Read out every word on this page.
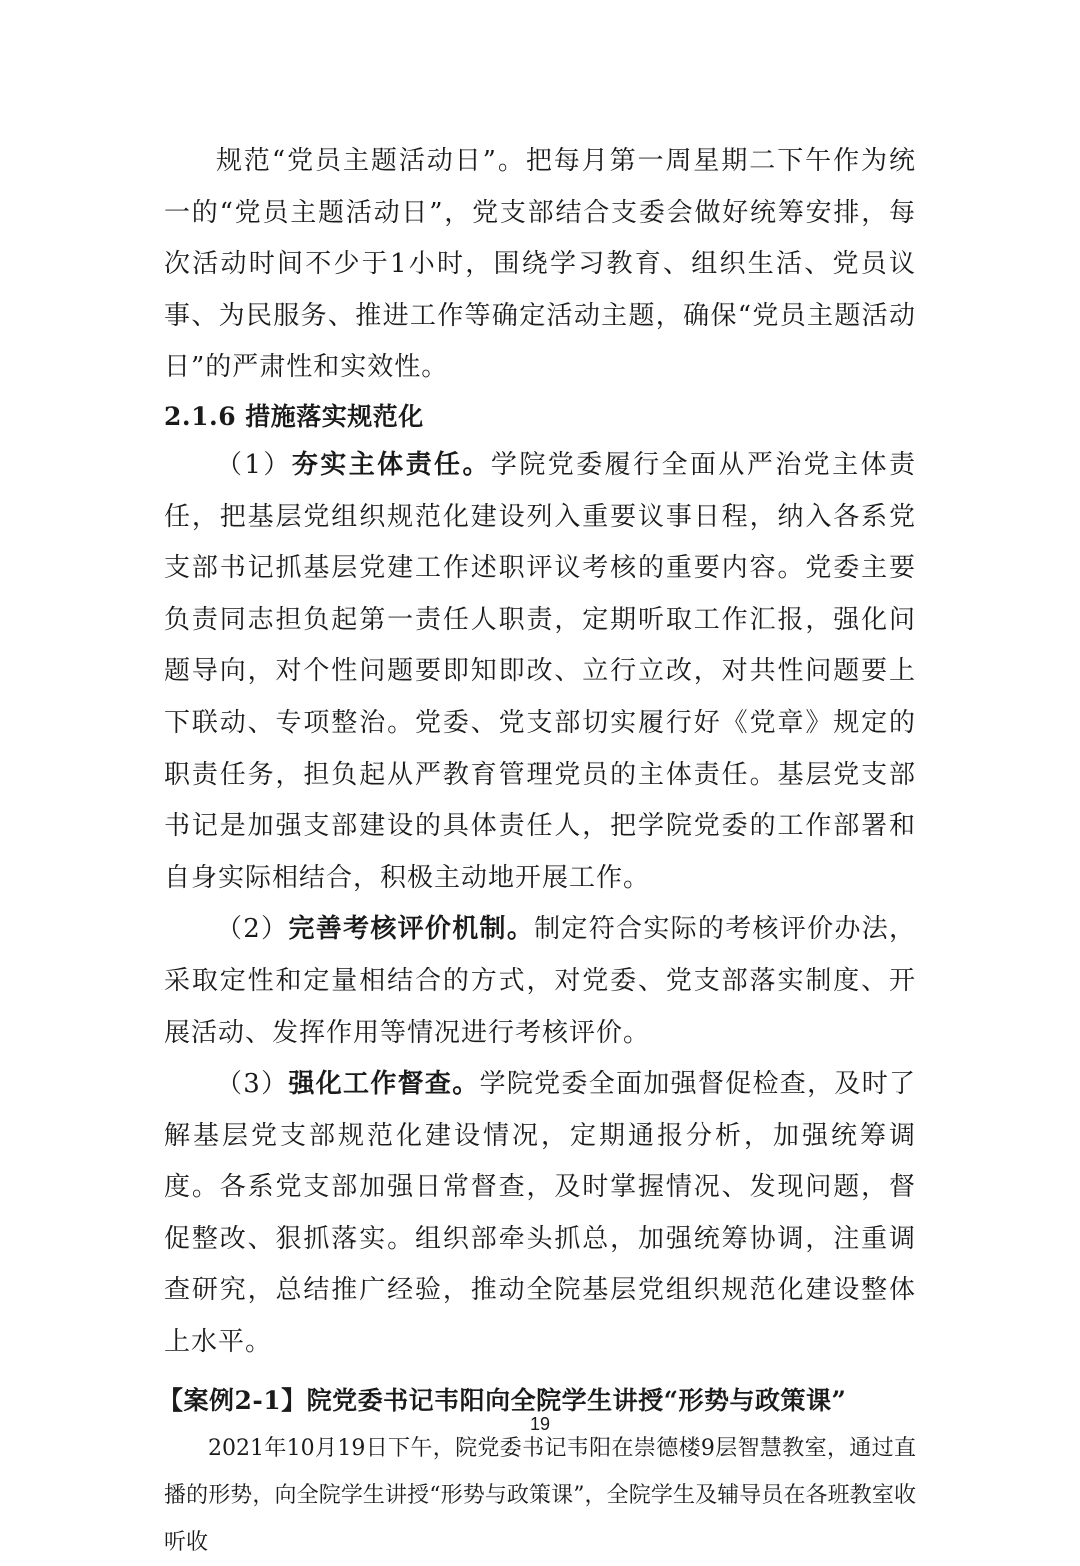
规范“党员主题活动日”。把每月第一周星期二下午作为统一的“党员主题活动日”，党支部结合支委会做好统筹安排，每次活动时间不少于1小时，围绕学习教育、组织生活、党员议事、为民服务、推进工作等确定活动主题，确保“党员主题活动日”的严肃性和实效性。

2.1.6 措施落实规范化

（1）夯实主体责任。学院党委履行全面从严治党主体责任，把基层党组织规范化建设列入重要议事日程，纳入各系党支部书记抓基层党建工作述职评议考核的重要内容。党委主要负责同志担负起第一责任人职责，定期听取工作汇报，强化问题导向，对个性问题要即知即改、立行立改，对共性问题要上下联动、专项整治。党委、党支部切实履行好《党章》规定的职责任务，担负起从严教育管理党员的主体责任。基层党支部书记是加强支部建设的具体责任人，把学院党委的工作部署和自身实际相结合，积极主动地开展工作。

（2）完善考核评价机制。制定符合实际的考核评价办法，采取定性和定量相结合的方式，对党委、党支部落实制度、开展活动、发挥作用等情况进行考核评价。

（3）强化工作督查。学院党委全面加强督促检查，及时了解基层党支部规范化建设情况，定期通报分析，加强统筹调度。各系党支部加强日常督查，及时掌握情况、发现问题，督促整改、狠抓落实。组织部牵头抓总，加强统筹协调，注重调查研究，总结推广经验，推动全院基层党组织规范化建设整体上水平。

【案例2-1】院党委书记韦阳向全院学生讲授“形势与政策课”

2021年10月19日下午，院党委书记韦阳在崇德楼9层智慧教室，通过直播的形势，向全院学生讲授“形势与政策课”，全院学生及辅导员在各班教室收听收

19
